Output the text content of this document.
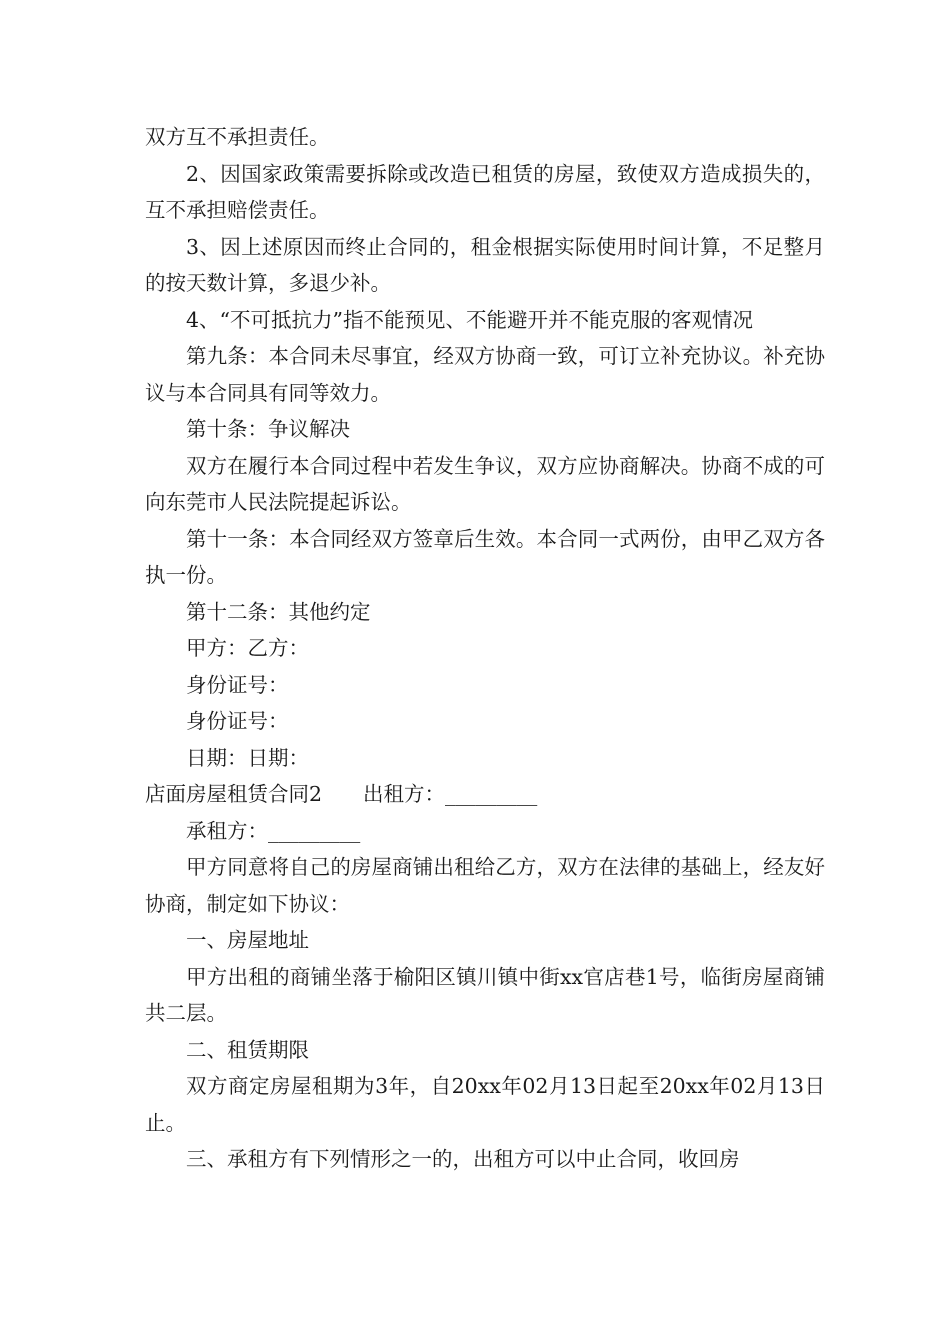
双方互不承担责任。

2、因国家政策需要拆除或改造已租赁的房屋，致使双方造成损失的，互不承担赔偿责任。

3、因上述原因而终止合同的，租金根据实际使用时间计算，不足整月的按天数计算，多退少补。

4、“不可抵抗力”指不能预见、不能避开并不能克服的客观情况

第九条：本合同未尽事宜，经双方协商一致，可订立补充协议。补充协议与本合同具有同等效力。

第十条：争议解决

双方在履行本合同过程中若发生争议，双方应协商解决。协商不成的可向东莞市人民法院提起诉讼。

第十一条：本合同经双方签章后生效。本合同一式两份，由甲乙双方各执一份。

第十二条：其他约定

甲方：乙方：

身份证号：

身份证号：

日期：日期：

店面房屋租赁合同2　　出租方：_________

承租方：_________

甲方同意将自己的房屋商铺出租给乙方，双方在法律的基础上，经友好协商，制定如下协议：

一、房屋地址

甲方出租的商铺坐落于榆阳区镇川镇中街xx官店巷1号，临街房屋商铺共二层。

二、租赁期限

双方商定房屋租期为3年，自20xx年02月13日起至20xx年02月13日止。

三、承租方有下列情形之一的，出租方可以中止合同，收回房
